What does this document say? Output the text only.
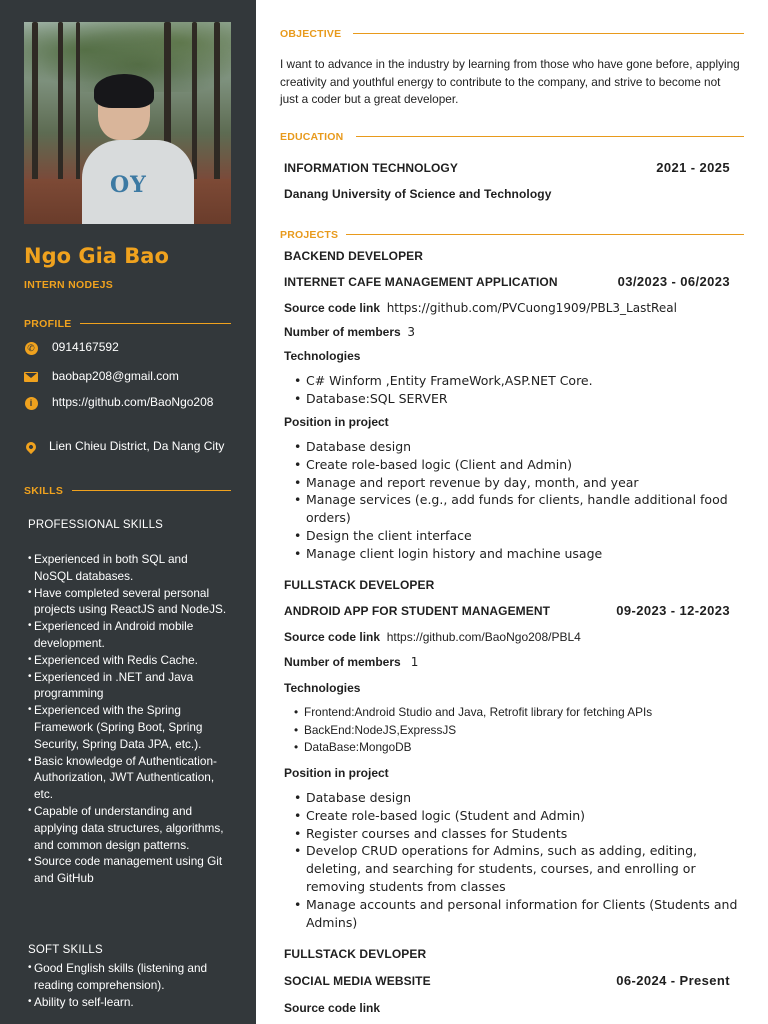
OY
Ngo Gia Bao
INTERN NODEJS
PROFILE
✆ 0914167592
baobap208@gmail.com
i	https://github.com/BaoNgo208
Lien Chieu District, Da Nang City
SKILLS
PROFESSIONAL SKILLS
• Experienced in both SQL and NoSQL databases.
• Have completed several personal projects using ReactJS and NodeJS.
• Experienced in Android mobile development.
• Experienced with Redis Cache.
• Experienced in .NET and Java programming
• Experienced with the Spring Framework (Spring Boot, Spring Security, Spring Data JPA, etc.).
• Basic knowledge of Authentication-Authorization, JWT Authentication, etc.
• Capable of understanding and applying data structures, algorithms, and common design patterns.
• Source code management using Git and GitHub
SOFT SKILLS
• Good English skills (listening and reading comprehension).
• Ability to self-learn.
OBJECTIVE
I want to advance in the industry by learning from those who have gone before, applying creativity and youthful energy to contribute to the company, and strive to become not just a coder but a great developer.
EDUCATION
INFORMATION TECHNOLOGY	2021 - 2025
Danang University of Science and Technology
PROJECTS
BACKEND DEVELOPER
INTERNET CAFE MANAGEMENT APPLICATION	03/2023 - 06/2023
Source code link https://github.com/PVCuong1909/PBL3_LastReal
Number of members 3
Technologies
• C# Winform ,Entity FrameWork,ASP.NET Core.
• Database:SQL SERVER
Position in project
• Database design
• Create role-based logic (Client and Admin)
• Manage and report revenue by day, month, and year
• Manage services (e.g., add funds for clients, handle additional food orders)
• Design the client interface
• Manage client login history and machine usage
FULLSTACK DEVELOPER
ANDROID APP FOR STUDENT MANAGEMENT	09-2023 - 12-2023
Source code link https://github.com/BaoNgo208/PBL4
Number of members 1
Technologies
• Frontend:Android Studio and Java, Retrofit library for fetching APIs
• BackEnd:NodeJS,ExpressJS
• DataBase:MongoDB
Position in project
• Database design
• Create role-based logic (Student and Admin)
• Register courses and classes for Students
• Develop CRUD operations for Admins, such as adding, editing, deleting, and searching for students, courses, and enrolling or removing students from classes
• Manage accounts and personal information for Clients (Students and Admins)
FULLSTACK DEVLOPER
SOCIAL MEDIA WEBSITE	06-2024 - Present
Source code link
